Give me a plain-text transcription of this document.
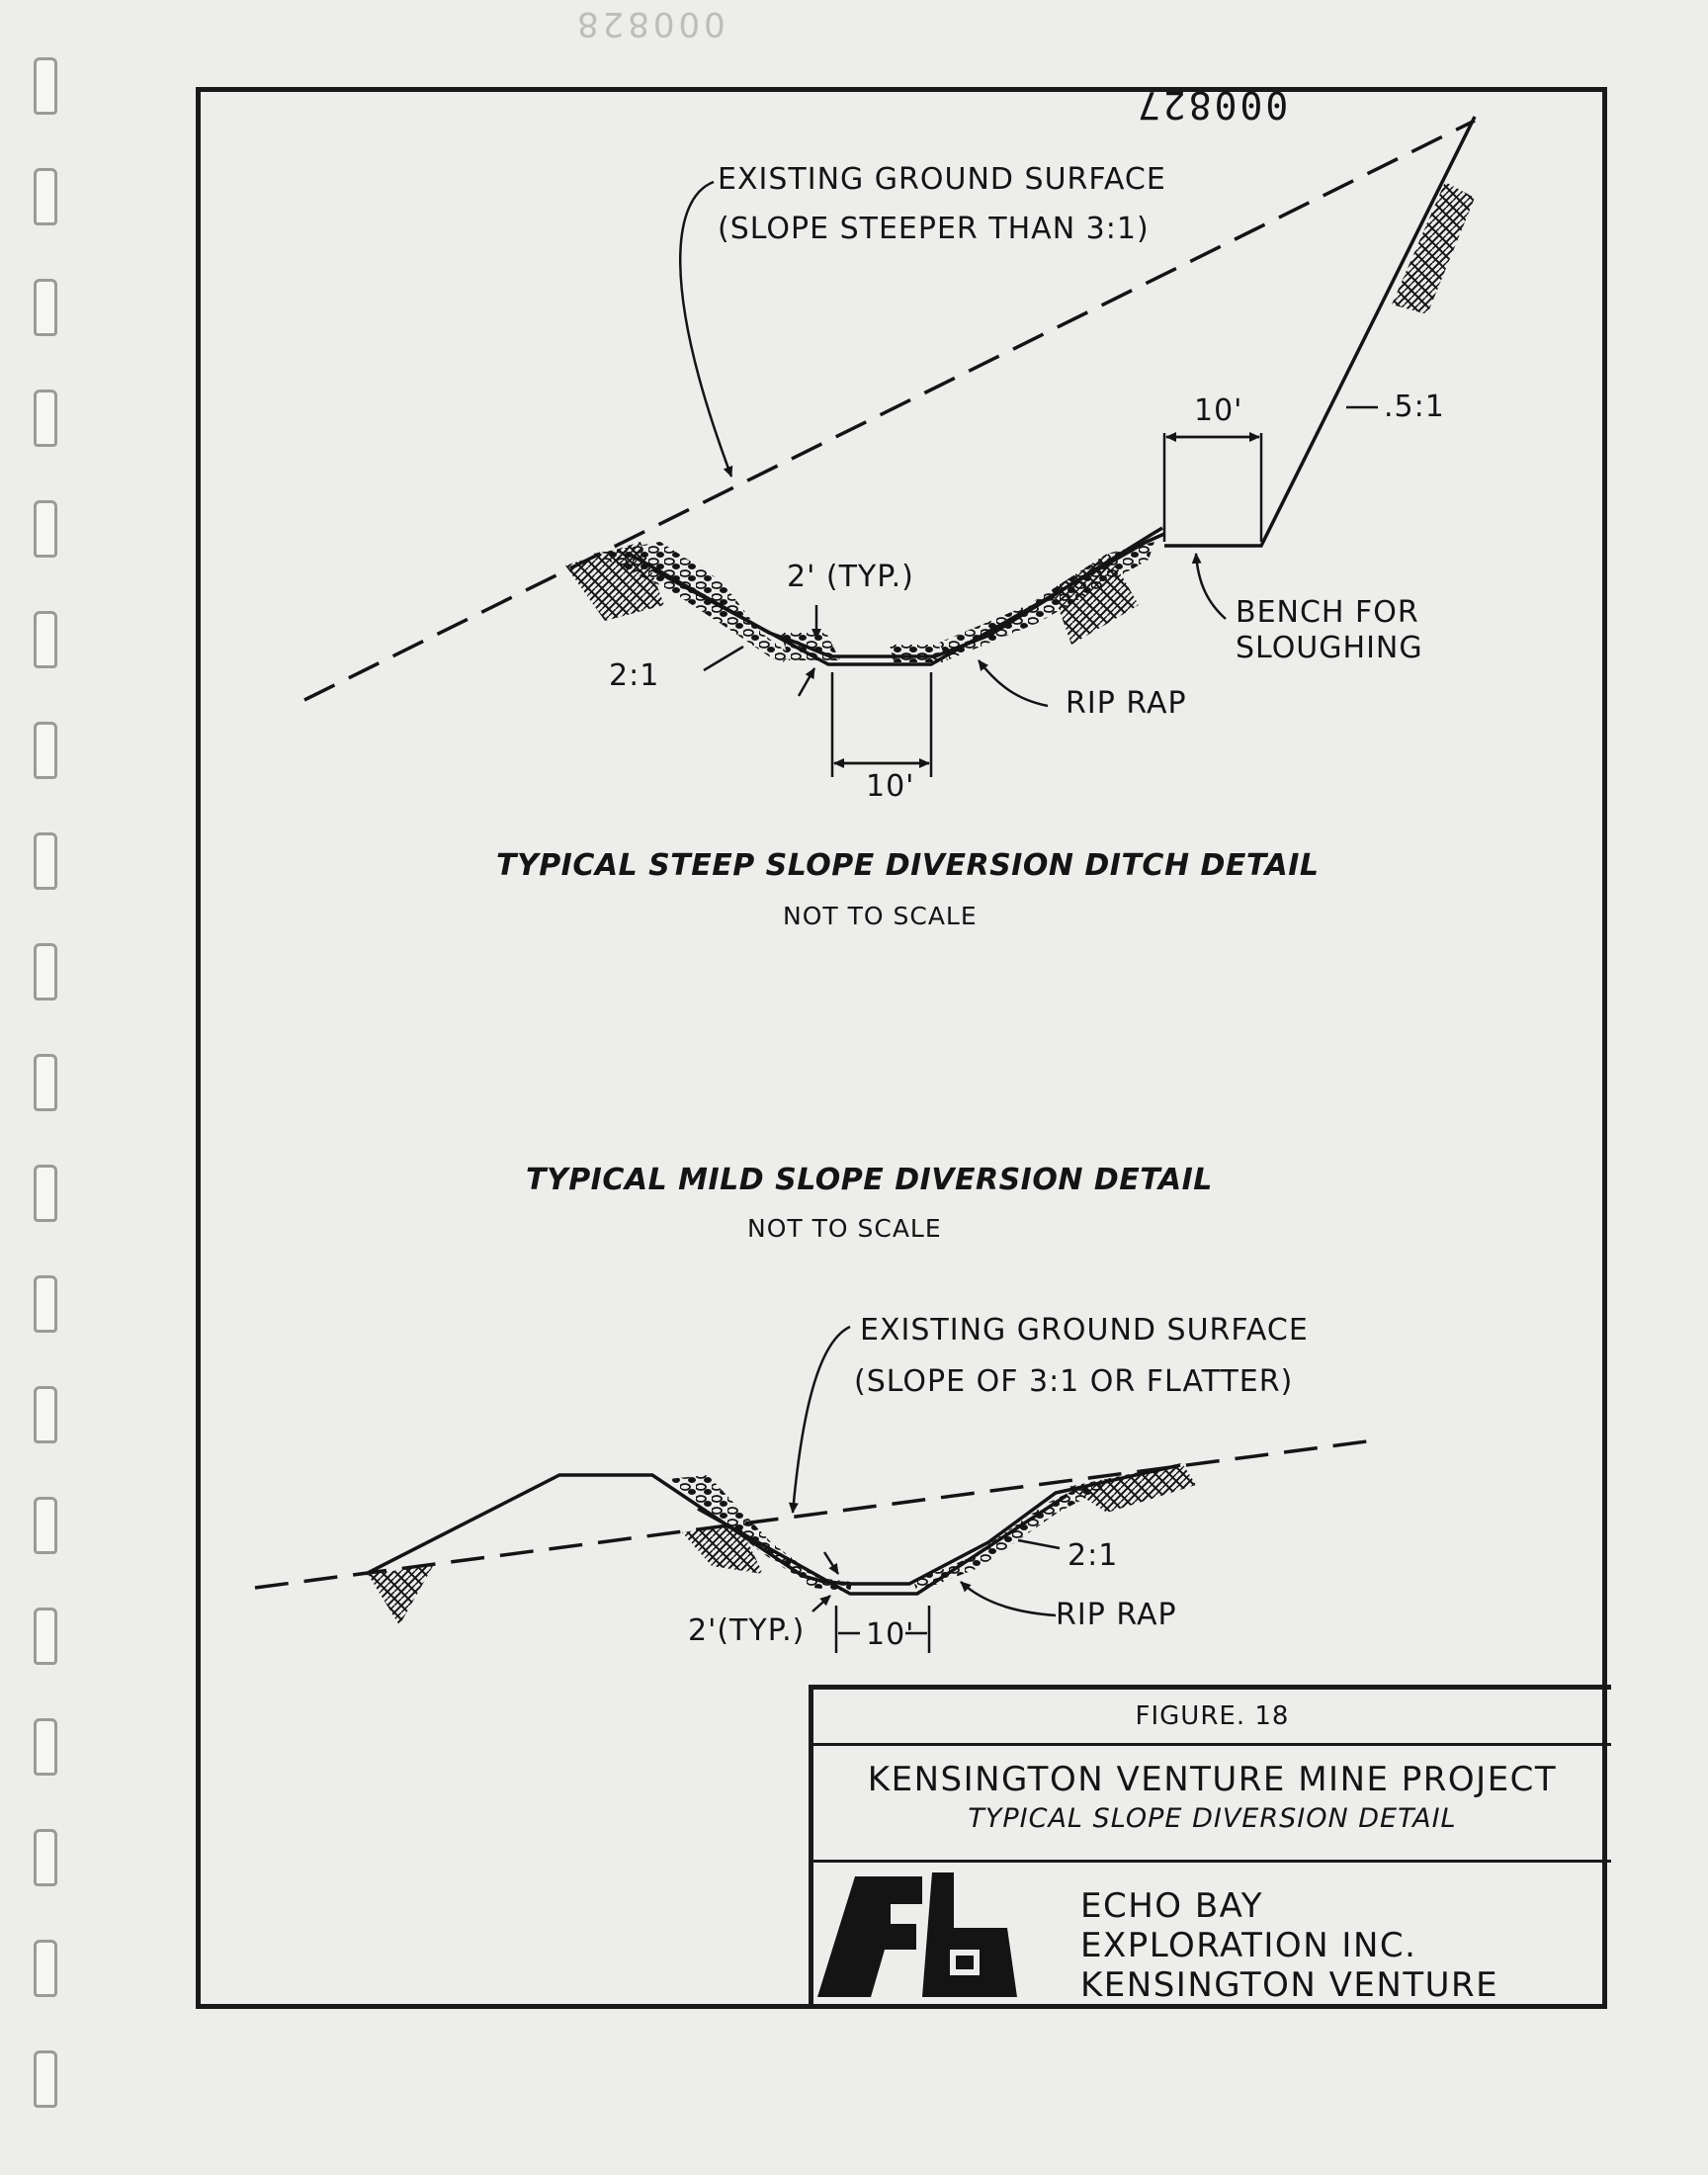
000828
000827
EXISTING GROUND SURFACE
(SLOPE STEEPER THAN 3:1)
10'	.5:1
2' (TYP.)
BENCH FOR
SLOUGHING
2:1
RIP RAP
10'
TYPICAL STEEP SLOPE DIVERSION DITCH DETAIL
NOT TO SCALE
TYPICAL MILD SLOPE DIVERSION DETAIL
NOT TO SCALE
EXISTING GROUND SURFACE
(SLOPE OF 3:1 OR FLATTER)
2:1
RIP RAP
2'(TYP.) 10'
FIGURE. 18
KENSINGTON VENTURE MINE PROJECT
TYPICAL SLOPE DIVERSION DETAIL
ECHO BAY
EXPLORATION INC.
KENSINGTON VENTURE
